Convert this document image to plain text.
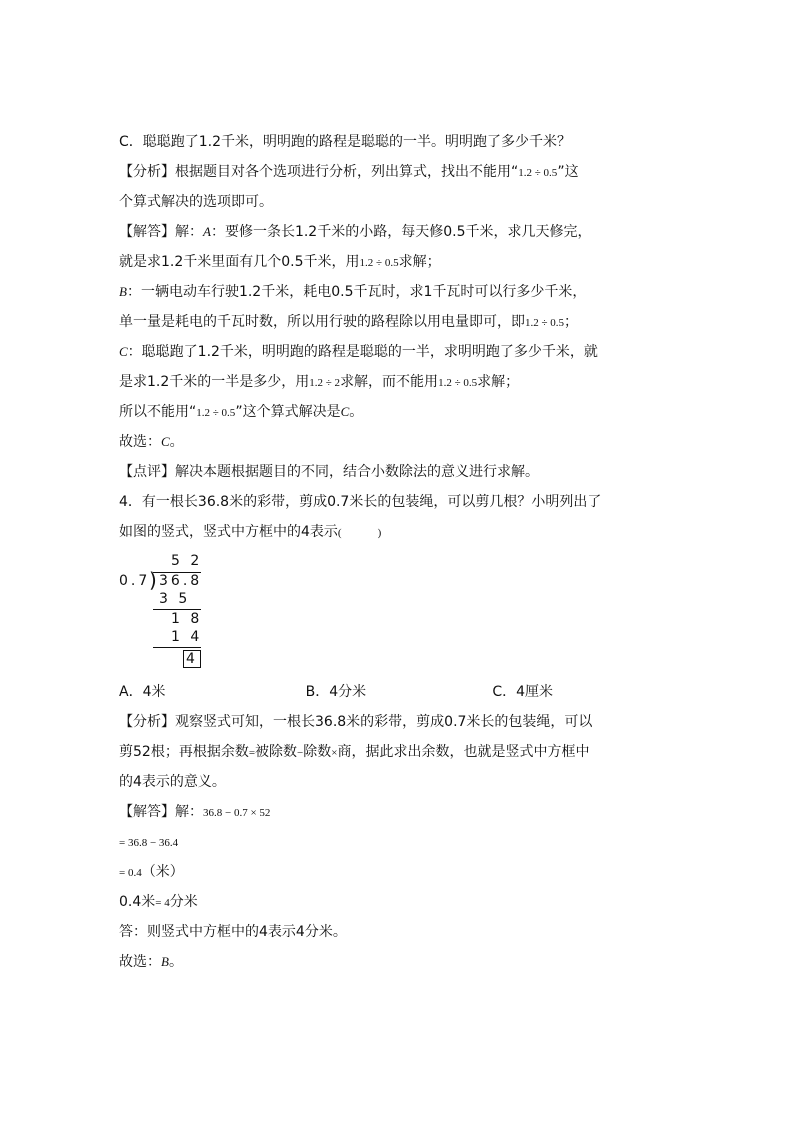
C．聪聪跑了1.2千米，明明跑的路程是聪聪的一半。明明跑了多少千米？
【分析】根据题目对各个选项进行分析，列出算式，找出不能用“1.2 ÷ 0.5”这
个算式解决的选项即可。
【解答】解：A：要修一条长1.2千米的小路，每天修0.5千米，求几天修完，
就是求1.2千米里面有几个0.5千米，用1.2 ÷ 0.5求解；
B：一辆电动车行驶1.2千米，耗电0.5千瓦时，求1千瓦时可以行多少千米，
单一量是耗电的千瓦时数，所以用行驶的路程除以用电量即可，即1.2 ÷ 0.5；
C：聪聪跑了1.2千米，明明跑的路程是聪聪的一半，求明明跑了多少千米，就
是求1.2千米的一半是多少，用1.2 ÷ 2求解，而不能用1.2 ÷ 0.5求解；
所以不能用“1.2 ÷ 0.5”这个算式解决是C。
故选：C。
【点评】解决本题根据题目的不同，结合小数除法的意义进行求解。
4．有一根长36.8米的彩带，剪成0.7米长的包装绳，可以剪几根？小明列出了
如图的竖式，竖式中方框中的4表示(	)
5 2
0.7
) 36.8
3 5
1 8
1 4
4
A．4米	B．4分米	C．4厘米
【分析】观察竖式可知，一根长36.8米的彩带，剪成0.7米长的包装绳，可以
剪52根；再根据余数=被除数−除数×商，据此求出余数，也就是竖式中方框中
的4表示的意义。
【解答】解：36.8 − 0.7 × 52
= 36.8 − 36.4
= 0.4（米）
0.4米= 4分米
答：则竖式中方框中的4表示4分米。
故选：B。
